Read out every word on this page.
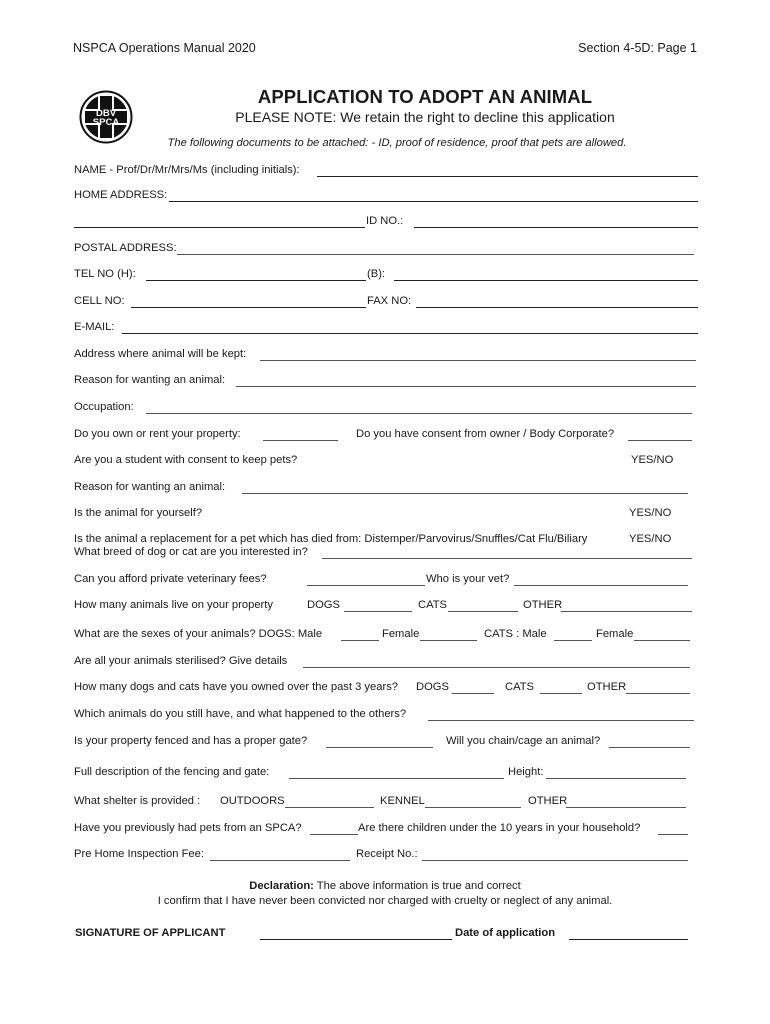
NSPCA Operations Manual 2020	Section 4-5D: Page 1
DBV
SPCA
APPLICATION TO ADOPT AN ANIMAL
PLEASE NOTE: We retain the right to decline this application
The following documents to be attached: - ID, proof of residence, proof that pets are allowed.
NAME - Prof/Dr/Mr/Mrs/Ms (including initials):
HOME ADDRESS:
ID NO.:
POSTAL ADDRESS:
TEL NO (H):	(B):
CELL NO:	FAX NO:
E-MAIL:
Address where animal will be kept:
Reason for wanting an animal:
Occupation:
Do you own or rent your property:	Do you have consent from owner / Body Corporate?
Are you a student with consent to keep pets?	YES/NO
Reason for wanting an animal:
Is the animal for yourself?	YES/NO
Is the animal a replacement for a pet which has died from: Distemper/Parvovirus/Snuffles/Cat Flu/Biliary	YES/NO
What breed of dog or cat are you interested in?
Can you afford private veterinary fees?	Who is your vet?
How many animals live on your property	DOGS	CATS	OTHER
What are the sexes of your animals? DOGS: Male	Female	CATS : Male	Female
Are all your animals sterilised? Give details
How many dogs and cats have you owned over the past 3 years? DOGS	CATS	OTHER
Which animals do you still have, and what happened to the others?
Is your property fenced and has a proper gate?	Will you chain/cage an animal?
Full description of the fencing and gate:	Height:
What shelter is provided : OUTDOORS	KENNEL	OTHER
Have you previously had pets from an SPCA?	Are there children under the 10 years in your household?
Pre Home Inspection Fee:	Receipt No.:
Declaration: The above information is true and correct
I confirm that I have never been convicted nor charged with cruelty or neglect of any animal.
SIGNATURE OF APPLICANT	Date of application
